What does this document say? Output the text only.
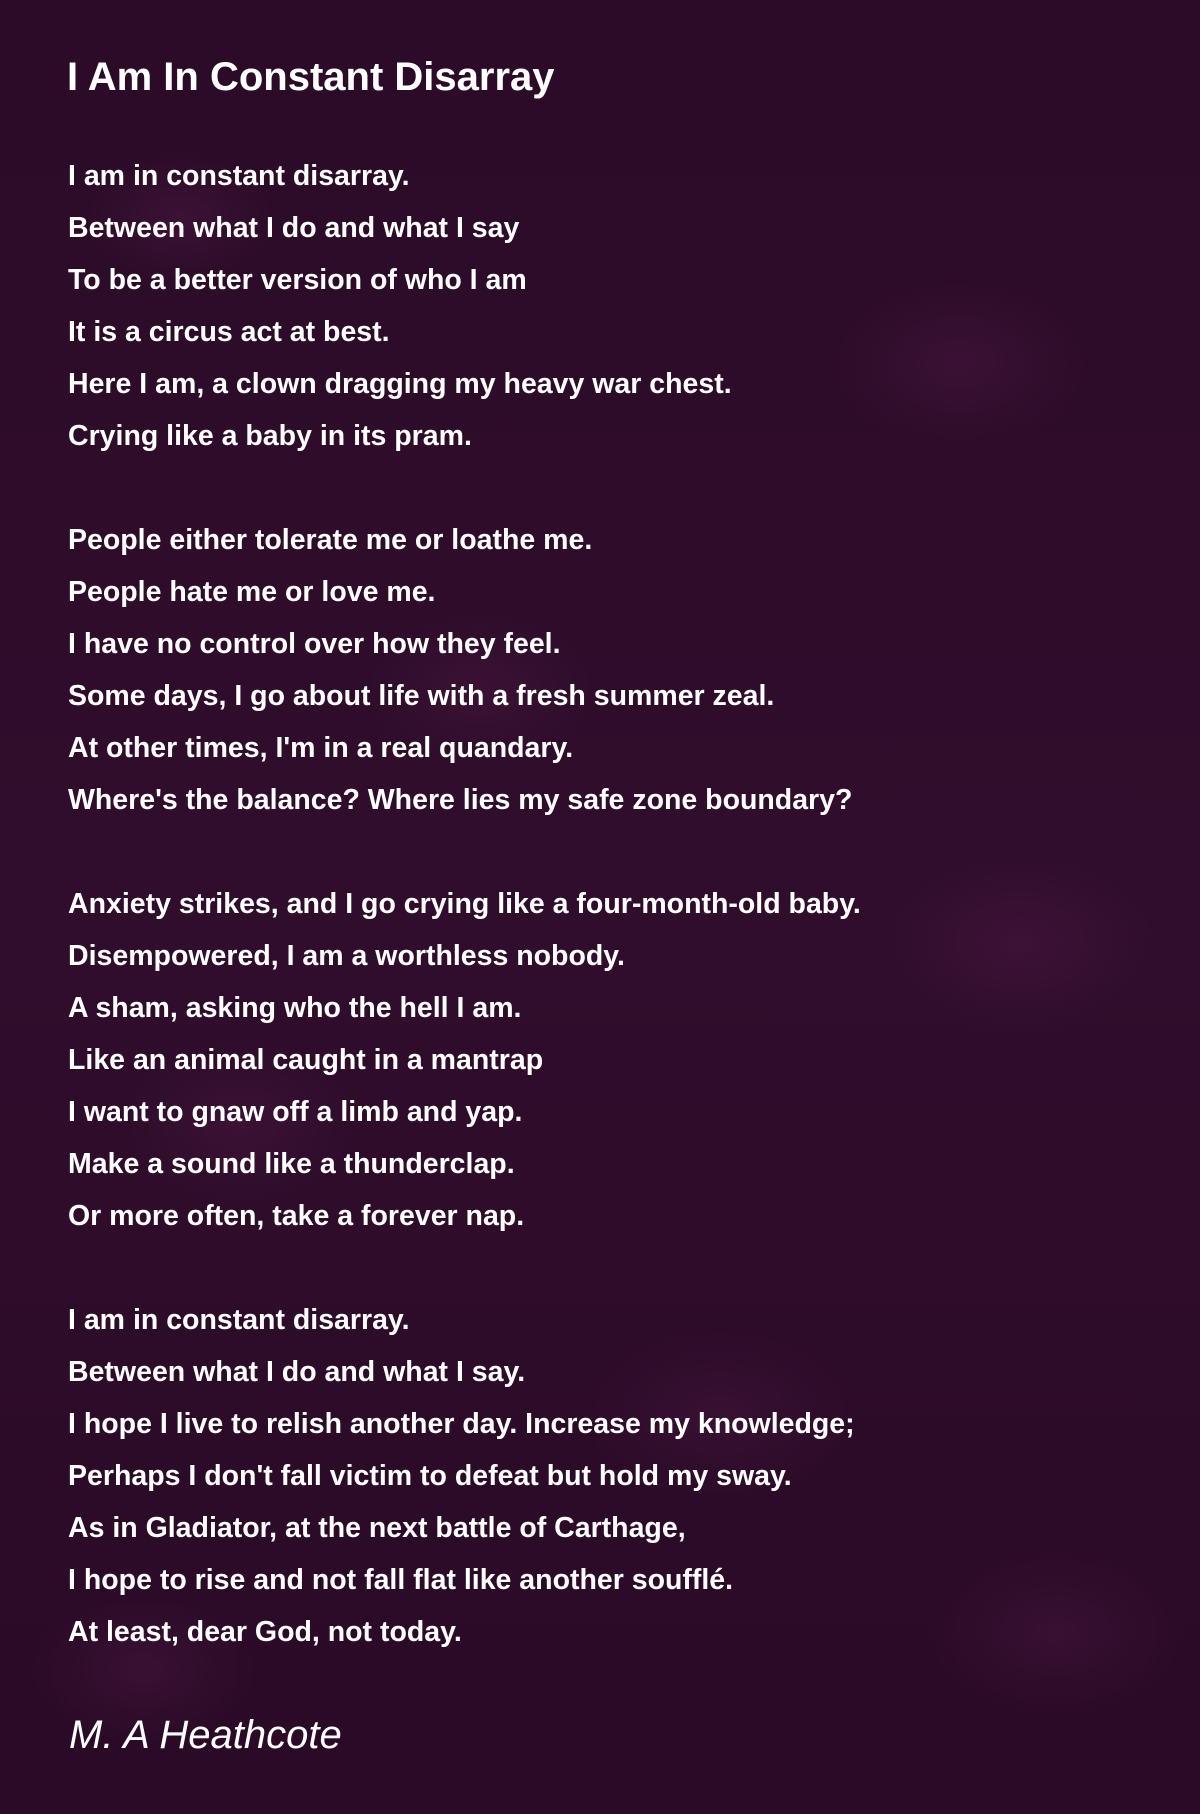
I Am In Constant Disarray
I am in constant disarray.
Between what I do and what I say
To be a better version of who I am
It is a circus act at best.
Here I am, a clown dragging my heavy war chest.
Crying like a baby in its pram.
People either tolerate me or loathe me.
People hate me or love me.
I have no control over how they feel.
Some days, I go about life with a fresh summer zeal.
At other times, I'm in a real quandary.
Where's the balance? Where lies my safe zone boundary?
Anxiety strikes, and I go crying like a four-month-old baby.
Disempowered, I am a worthless nobody.
A sham, asking who the hell I am.
Like an animal caught in a mantrap
I want to gnaw off a limb and yap.
Make a sound like a thunderclap.
Or more often, take a forever nap.
I am in constant disarray.
Between what I do and what I say.
I hope I live to relish another day. Increase my knowledge;
Perhaps I don't fall victim to defeat but hold my sway.
As in Gladiator, at the next battle of Carthage,
I hope to rise and not fall flat like another soufflé.
At least, dear God, not today.

M. A Heathcote
